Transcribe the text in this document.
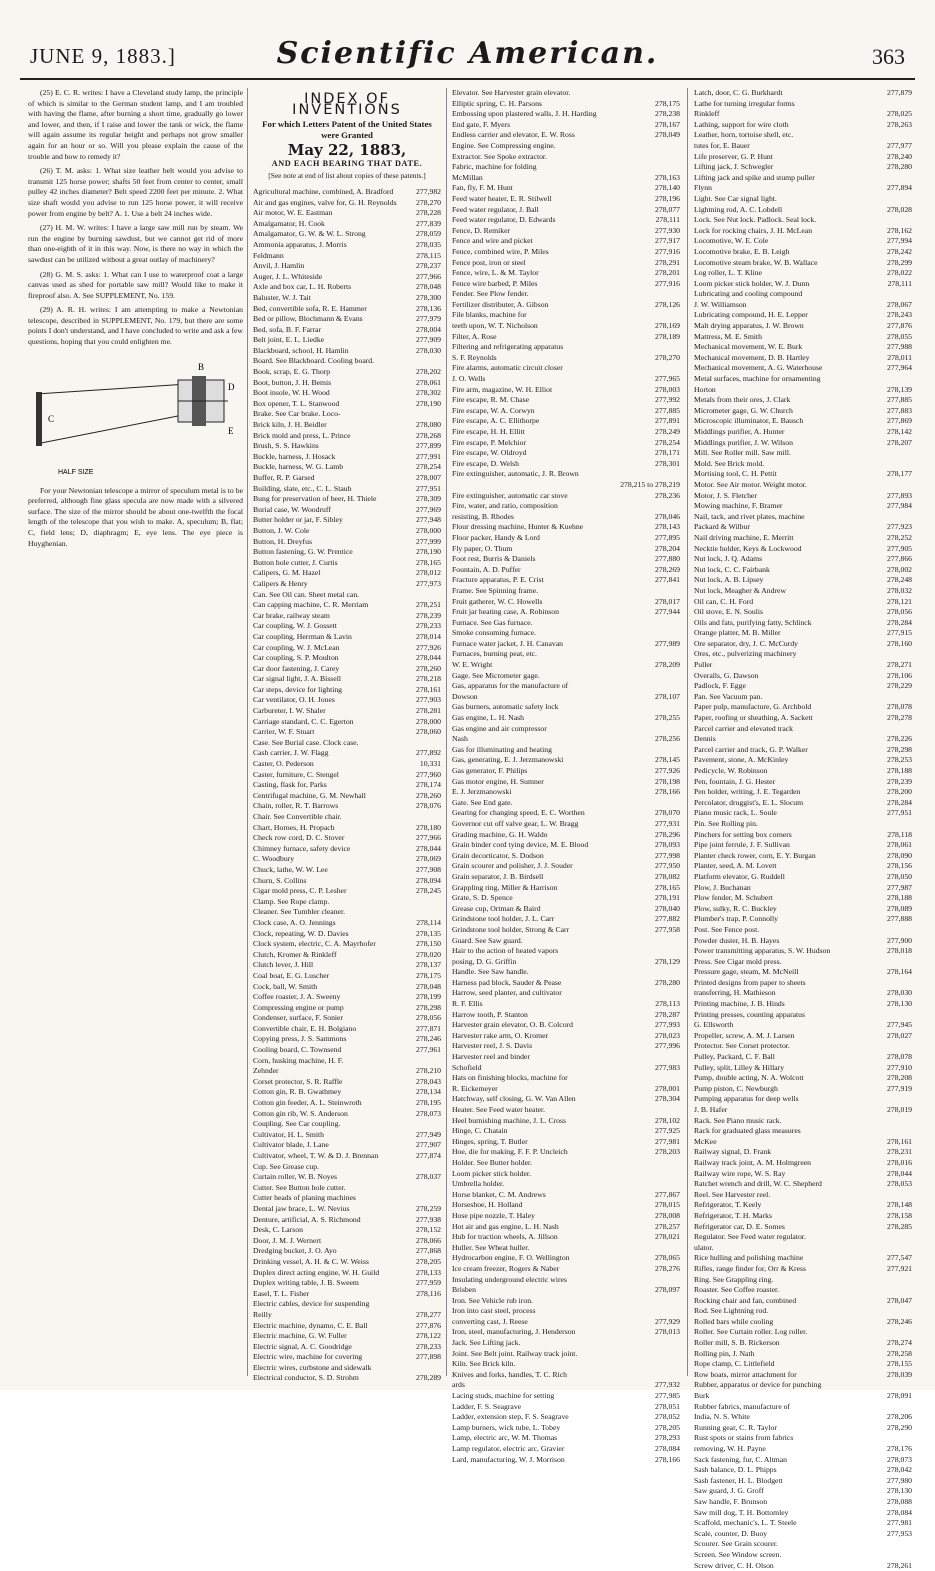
JUNE 9, 1883.]	Scientific American.	363

(25) E. C. R. writes: I have a Cleveland study lamp, the principle of which is similar to the German student lamp, and I am troubled with having the flame, after burning a short time, gradually go lower and lower, and then, if I raise and lower the tank or wick, the flame will again assume its regular height and perhaps not grow smaller again for an hour or so. Will you please explain the cause of the trouble and how to remedy it?

(26) T. M. asks: 1. What size leather belt would you advise to transmit 125 horse power; shafts 50 feet from center to center, small pulley 42 inches diameter? Belt speed 2200 feet per minute. 2. What size shaft would you advise to run 125 horse power, it will receive power from engine by belt? A. 1. Use a belt 24 inches wide.

(27) H. M. W. writes: I have a large saw mill run by steam. We run the engine by burning sawdust, but we cannot get rid of more than one-eighth of it in this way. Now, is there no way in which the sawdust can be utilized without a great outlay of machinery?

(28) G. M. S. asks: 1. What can I use to waterproof coat a large canvas used as shed for portable saw mill? Would like to make it fireproof also. A. See SUPPLEMENT, No. 159.

(29) A. R. H. writes: I am attempting to make a Newtonian telescope, described in SUPPLEMENT, No. 179, but there are some points I don't understand, and I have concluded to write and ask a few questions, hoping that you could enlighten me.

B
D
C
E
HALF SIZE

For your Newtonian telescope a mirror of speculum metal is to be preferred, although fine glass specula are now made with a silvered surface. The size of the mirror should be about one-twelfth the focal length of the telescope that you wish to make. A, speculum; B, flat; C, field lens; D, diaphragm; E, eye lens. The eye piece is Huyghenian.

INDEX OF INVENTIONS
For which Letters Patent of the United States were Granted
May 22, 1883,
AND EACH BEARING THAT DATE.
[See note at end of list about copies of these patents.]
Agricultural machine, combined, A. Bradford	277,982
Air and gas engines, valve for, G. H. Reynolds	278,270
Air motor, W. E. Eastman	278,228
Amalgamator, H. Cook	277,839
Amalgamator, G. W. & W. L. Strong	278,059
Ammonia apparatus, J. Morris	278,035
Feldmann	278,115
Anvil, J. Hamlin	278,237
Auger, J. L. Whiteside	277,966
Axle and box car, L. H. Roberts	278,048
Baluster, W. J. Tait	278,300
Bed, convertible sofa, R. E. Hammer	278,136
Bed or pillow, Blochmann & Evans	277,979
Bed, sofa, B. F. Farrar	278,004
Belt joint, E. L. Liedke	277,909
Blackboard, school, H. Hamlin	278,030
Board. See Blackboard. Cooling board.
Book, scrap, E. G. Thorp	278,202
Boot, button, J. H. Bemis	278,061
Boot insole, W. H. Wood	278,302
Box opener, T. L. Stanwood	278,190
Brake. See Car brake. Loco-
Brick kiln, J. H. Beidler	278,080
Brick mold and press, L. Prince	278,268
Brush, S. S. Hawkins	277,899
Buckle, harness, J. Hosack	277,991
Buckle, harness, W. G. Lamb	278,254
Buffer, R. P. Garsed	278,007
Building, slate, etc., C. L. Staub	277,951
Bung for preservation of beer, H. Thiele	278,309
Burial case, W. Woodruff	277,969
Butter holder or jar, F. Sibley	277,948
Button, J. W. Cole	278,000
Button, H. Dreyfus	277,999
Button fastening, G. W. Prentice	278,190
Button hole cutter, J. Curtis	278,165
Calipers, G. M. Hazel	278,012
Calipers & Henry	277,973
Can. See Oil can. Sheet metal can.
Can capping machine, C. R. Merriam	278,251
Car brake, railway steam	278,239
Car coupling, W. J. Gossett	278,233
Car coupling, Herrman & Lavin	278,014
Car coupling, W. J. McLean	277,926
Car coupling, S. P. Moulton	278,044
Car door fastening, J. Carey	278,260
Car signal light, J. A. Bissell	278,218
Car steps, device for lighting	278,161
Car ventilator, O. H. Jones	277,903
Carbureter, I. W. Shaler	278,281
Carriage standard, C. C. Egerton	278,000
Carrier, W. F. Stuart	278,060
Case. See Burial case. Clock case.
Cash carrier, J. W. Flagg	277,892
Caster, O. Pederson	10,331
Caster, furniture, C. Stengel	277,960
Casting, flask for, Parks	278,174
Centrifugal machine, G. M. Newhall	278,260
Chain, roller, R. T. Barrows	278,076
Chair. See Convertible chair.
Chart, Hornes, H. Propach	278,180
Check row cord, D. C. Stover	277,966
Chimney furnace, safety device	278,044
C. Woodbury	278,069
Chuck, lathe, W. W. Lee	277,908
Churn, S. Collins	278,094
Cigar mold press, C. P. Lesher	278,245
Clamp. See Rope clamp.
Cleaner. See Tumbler cleaner.
Clock case, A. O. Jennings	278,114
Clock, repeating, W. D. Davies	278,135
Clock system, electric, C. A. Mayrhofer	278,150
Clutch, Kromer & Rinkleff	278,020
Clutch lever, J. Hill	278,137
Coal boat, E. G. Luscher	278,175
Cock, ball, W. Smith	278,048
Coffee roaster, J. A. Sweeny	278,199
Compressing engine or pump	278,298
Condenser, surface, F. Sonier	278,056
Convertible chair, E. H. Bolgiano	277,871
Copying press, J. S. Sammons	278,246
Cooling board, C. Townsend	277,961
Corn, husking machine, H. F.
Zehnder	278,210
Corset protector, S. R. Raffle	278,043
Cotton gin, R. B. Gwathmey	278,134
Cotton gin feeder, A. L. Steinwroth	278,195
Cotton gin rib, W. S. Anderson	278,073
Coupling. See Car coupling.
Cultivator, H. L. Smith	277,949
Cultivator blade, J. Lane	277,907
Cultivator, wheel, T. W. & D. J. Brennan	277,874
Cup. See Grease cup.
Curtain roller, W. B. Noyes	278,037
Cutter. See Button hole cutter.
Cutter heads of planing machines
Dental jaw brace, L. W. Nevius	278,259
Denture, artificial, A. S. Richmond	277,938
Desk, C. Larson	278,152
Door, J. M. J. Wernert	278,066
Dredging bucket, J. O. Ayo	277,868
Drinking vessel, A. H. & C. W. Weiss	278,205
Duplex direct acting engine, W. H. Guild	278,133
Duplex writing table, J. B. Sweem	277,959
Easel, T. L. Fisher	278,116
Electric cables, device for suspending
Reilly	278,277
Electric machine, dynamo, C. E. Ball	277,876
Electric machine, G. W. Fuller	278,122
Electric signal, A. C. Goodridge	278,233
Electric wire, machine for covering	277,898
Electric wires, curbstone and sidewalk
Electrical conductor, S. D. Strohm	278,289
Elevator. See Harvester grain elevator.
Elliptic spring, C. H. Parsons	278,175
Embossing upon plastered walls, J. H. Harding	278,238
End gate, F. Myers	278,167
Endless carrier and elevator, E. W. Ross	278,049
Engine. See Compressing engine.
Extractor. See Spoke extractor.
Fabric, machine for folding
McMillan	278,163
Fan, fly, F. M. Hunt	278,140
Feed water heater, E. R. Stilwell	278,196
Feed water regulator, J. Ball	278,077
Feed water regulator, D. Edwards	278,111
Fence, D. Remiker	277,930
Fence and wire and picket	277,917
Fence, combined wire, P. Miles	277,916
Fence post, iron or steel	278,291
Fence, wire, L. & M. Taylor	278,201
Fence wire barbed, P. Miles	277,916
Fender. See Plow fender.
Fertilizer distributer, A. Gibson	278,126
File blanks, machine for
teeth upon, W. T. Nicholson	278,169
Filter, A. Rose	278,189
Filtering and refrigerating apparatus
S. F. Reynolds	278,270
Fire alarms, automatic circuit closer
J. O. Wells	277,965
Fire arm, magazine, W. H. Elliot	278,003
Fire escape, R. M. Chase	277,992
Fire escape, W. A. Corwyn	277,885
Fire escape, A. C. Ellithorpe	277,891
Fire escape, H. H. Ellitt	278,249
Fire escape, P. Melchior	278,254
Fire escape, W. Oldroyd	278,171
Fire escape, D. Welsh	278,301
Fire extinguisher, automatic, J. R. Brown
278,215 to 278,219
Fire extinguisher, automatic car stove	278,236
Fire, water, and ratio, composition
resisting, B. Rhodes	278,046
Flour dressing machine, Hunter & Kuehne	278,143
Floor packer, Handy & Lord	277,895
Fly paper, O. Thum	278,204
Foot rest, Burris & Daniels	277,880
Fountain, A. D. Puffer	278,269
Fracture apparatus, P. E. Crist	277,841
Frame. See Spinning frame.
Fruit gatherer, W. C. Howells	278,017
Fruit jar heating case, A. Robinson	277,944
Furnace. See Gas furnace.
Smoke consuming furnace.
Furnace water jacket, J. H. Canavan	277,989
Furnaces, burning peat, etc.
W. E. Wright	278,209
Gage. See Micrometer gage.
Gas, apparatus for the manufacture of
Dowson	278,107
Gas burners, automatic safety lock
Gas engine, L. H. Nash	278,255
Gas engine and air compressor
Nash	278,256
Gas for illuminating and heating
Gas, generating, E. J. Jerzmanowski	278,145
Gas generator, F. Philips	277,926
Gas motor engine, H. Sumner	278,198
E. J. Jerzmanowski	278,166
Gate. See End gate.
Gearing for changing speed, E. C. Worthen	278,070
Governor cut off valve gear, L. W. Bragg	277,931
Grading machine, G. H. Waldo	278,296
Grain binder cord tying device, M. E. Blood	278,093
Grain decorticator, S. Dodson	277,998
Grain scourer and polisher, J. J. Souder	277,950
Grain separator, J. B. Birdsell	278,082
Grappling ring, Miller & Harrison	278,165
Grate, S. D. Spence	278,191
Grease cup, Ortman & Baird	278,040
Grindstone tool holder, J. L. Carr	277,882
Grindstone tool holder, Strong & Carr	277,958
Guard. See Saw guard.
Hair to the action of heated vapors
posing, D. G. Griffin	278,129
Handle. See Saw handle.
Harness pad block, Sauder & Pease	278,280
Harrow, seed planter, and cultivator
R. F. Ellis	278,113
Harrow tooth, P. Stanton	278,287
Harvester grain elevator, O. B. Colcord	277,993
Harvester rake arm, O. Kromer	278,023
Harvester reel, J. S. Davis	277,996
Harvester reel and binder
Schofield	277,983
Hats on finishing blocks, machine for
R. Eickemeyer	278,001
Hatchway, self closing, G. W. Van Allen	278,304
Heater. See Feed water heater.
Heel burnishing machine, J. L. Cross	278,102
Hinge, C. Chatain	277,925
Hinges, spring, T. Butler	277,981
Hoe, die for making, F. F. P. Uncleich	278,203
Holder. See Butter holder.
Loom picker stick holder.
Umbrella holder.
Horse blanket, C. M. Andrews	277,867
Horseshoe, H. Holland	278,015
Hose pipe nozzle, T. Haley	278,008
Hot air and gas engine, L. H. Nash	278,257
Hub for traction wheels, A. Jillson	278,021
Huller. See Wheat huller.
Hydrocarbon engine, F. O. Wellington	278,065
Ice cream freezer, Rogers & Naber	278,276
Insulating underground electric wires
Brisben	278,097
Iron. See Vehicle rub iron.
Iron into cast steel, process
converting cast, J. Reese	277,929
Iron, steel, manufacturing, J. Henderson	278,013
Jack. See Lifting jack.
Joint. See Belt joint. Railway track joint.
Kiln. See Brick kiln.
Knives and forks, handles, T. C. Rich
ards	277,932
Lacing studs, machine for setting	277,985
Ladder, F. S. Seagrave	278,051
Ladder, extension step, F. S. Seagrave	278,052
Lamp burners, wick tube, L. Tobey	278,205
Lamp, electric arc, W. M. Thomas	278,293
Lamp regulator, electric arc, Gravier	278,084
Lard, manufacturing, W. J. Morrison	278,166
Latch, door, C. G. Burkhardt	277,879
Lathe for turning irregular forms
Rinkleff	278,025
Lathing, support for wire cloth	278,263
Leather, horn, tortoise shell, etc.
tutes for, E. Bauer	277,977
Life preserver, G. P. Hunt	278,240
Lifting jack, J. Schwegler	278,280
Lifting jack and spike and stump puller
Flynn	277,894
Light. See Car signal light.
Lightning rod, A. C. Lobdell	278,028
Lock. See Nut lock. Padlock. Seal lock.
Lock for rocking chairs, J. H. McLean	278,162
Locomotive, W. E. Cole	277,994
Locomotive brake, E. B. Leigh	278,242
Locomotive steam brake, W. B. Wallace	278,299
Log roller, L. T. Kline	278,022
Loom picker stick holder, W. J. Dunn	278,111
Lubricating and cooling compound
J. W. Williamson	278,067
Lubricating compound, H. E. Lepper	278,243
Malt drying apparatus, J. W. Brown	277,876
Mattress, M. E. Smith	278,055
Mechanical movement, W. E. Burk	277,988
Mechanical movement, D. B. Hartley	278,011
Mechanical movement, A. G. Waterhouse	277,964
Metal surfaces, machine for ornamenting
Horton	278,139
Metals from their ores, J. Clark	277,885
Micrometer gage, G. W. Church	277,883
Microscopic illuminator, E. Bausch	277,869
Middlings purifier, A. Hunter	278,142
Middlings purifier, J. W. Wilson	278,207
Mill. See Roller mill. Saw mill.
Mold. See Brick mold.
Mortising tool, C. H. Pettit	278,177
Motor. See Air motor. Weight motor.
Motor, J. S. Fletcher	277,893
Mowing machine, F. Bramer	277,984
Nail, tack, and rivet plates, machine
Packard & Wilbur	277,923
Nail driving machine, E. Merritt	278,252
Necktie holder, Keys & Lockwood	277,905
Nut lock, J. Q. Adams	277,866
Nut lock, C. C. Fairbank	278,002
Nut lock, A. B. Lipsey	278,248
Nut lock, Meagher & Andrew	278,032
Oil can, C. H. Ford	278,121
Oil stove, E. N. Soulis	278,056
Oils and fats, purifying fatty, Schlinck	278,284
Orange platter, M. B. Miller	277,915
Ore separator, dry, J. C. McCurdy	278,160
Ores, etc., pulverizing machinery
Puller	278,271
Overalls, G. Dawson	278,106
Padlock, F. Egge	278,229
Pan. See Vacuum pan.
Paper pulp, manufacture, G. Archbold	278,078
Paper, roofing or sheathing, A. Sackett	278,278
Parcel carrier and elevated track
Dennis	278,226
Parcel carrier and track, G. P. Walker	278,298
Pavement, stone, A. McKinley	278,253
Pedicycle, W. Robinson	278,188
Pen, fountain, J. G. Hester	278,239
Pen holder, writing, J. E. Tegarden	278,200
Percolator, druggist's, E. L. Slocum	278,284
Piano music rack, L. Soule	277,951
Pin. See Rolling pin.
Pinchers for setting box corners	278,118
Pipe joint ferrule, J. F. Sullivan	278,061
Planter check rower, corn, E. Y. Burgan	278,090
Planter, seed, A. M. Lovett	278,156
Platform elevator, G. Ruddell	278,050
Plow, J. Buchanan	277,987
Plow fender, M. Schubert	278,188
Plow, sulky, R. C. Buckley	278,089
Plumber's trap, P. Connolly	277,888
Post. See Fence post.
Powder duster, H. B. Hayes	277,900
Power transmitting apparatus, S. W. Hudson	278,018
Press. See Cigar mold press.
Pressure gage, steam, M. McNeill	278,164
Printed designs from paper to sheets
transferring, H. Mathieson	278,030
Printing machine, J. B. Hinds	278,130
Printing presses, counting apparatus
G. Ellsworth	277,945
Propeller, screw, A. M. J. Larsen	278,027
Protector. See Corset protector.
Pulley, Packard, C. F. Ball	278,078
Pulley, split, Lilley & Hillary	277,910
Pump, double acting, N. A. Wolcott	278,208
Pump piston, C. Newburgh	277,919
Pumping apparatus for deep wells
J. B. Hafer	278,019
Rack. See Piano music rack.
Rack for graduated glass measures
McKee	278,161
Railway signal, D. Frank	278,231
Railway track joint, A. M. Holmgreen	278,016
Railway wire rope, W. S. Ray	278,044
Ratchet wrench and drill, W. C. Shepherd	278,053
Reel. See Harvester reel.
Refrigerator, T. Keely	278,148
Refrigerator, T. H. Marks	278,158
Refrigerator car, D. E. Somes	278,285
Regulator. See Feed water regulator.
ulator.
Rice hulling and polishing machine	277,547
Rifles, range finder for, Orr & Kress	277,921
Ring. See Grappling ring.
Roaster. See Coffee roaster.
Rocking chair and fan, combined	278,047
Rod. See Lightning rod.
Rolled bars while cooling	278,246
Roller. See Curtain roller. Log roller.
Roller mill, S. B. Rickerson	278,274
Rolling pin, J. Nath	278,258
Rope clamp, C. Littlefield	278,155
Row boats, mirror attachment for	278,039
Rubber, apparatus or device for punching
Burk	278,091
Rubber fabrics, manufacture of
India, N. S. White	278,206
Running gear, C. R. Taylor	278,290
Rust spots or stains from fabrics
removing, W. H. Payne	278,176
Sack fastening, fur, C. Altman	278,073
Sash balance, D. L. Phipps	278,042
Sash fastener, H. L. Blodgett	277,980
Saw guard, J. G. Groff	278,130
Saw handle, F. Brunson	278,088
Saw mill dog, T. H. Bottomley	278,084
Scaffold, mechanic's, L. T. Steele	277,981
Scale, counter, D. Buoy	277,953
Scourer. See Grain scourer.
Screen. See Window screen.
Screw driver, C. H. Olson	278,261
